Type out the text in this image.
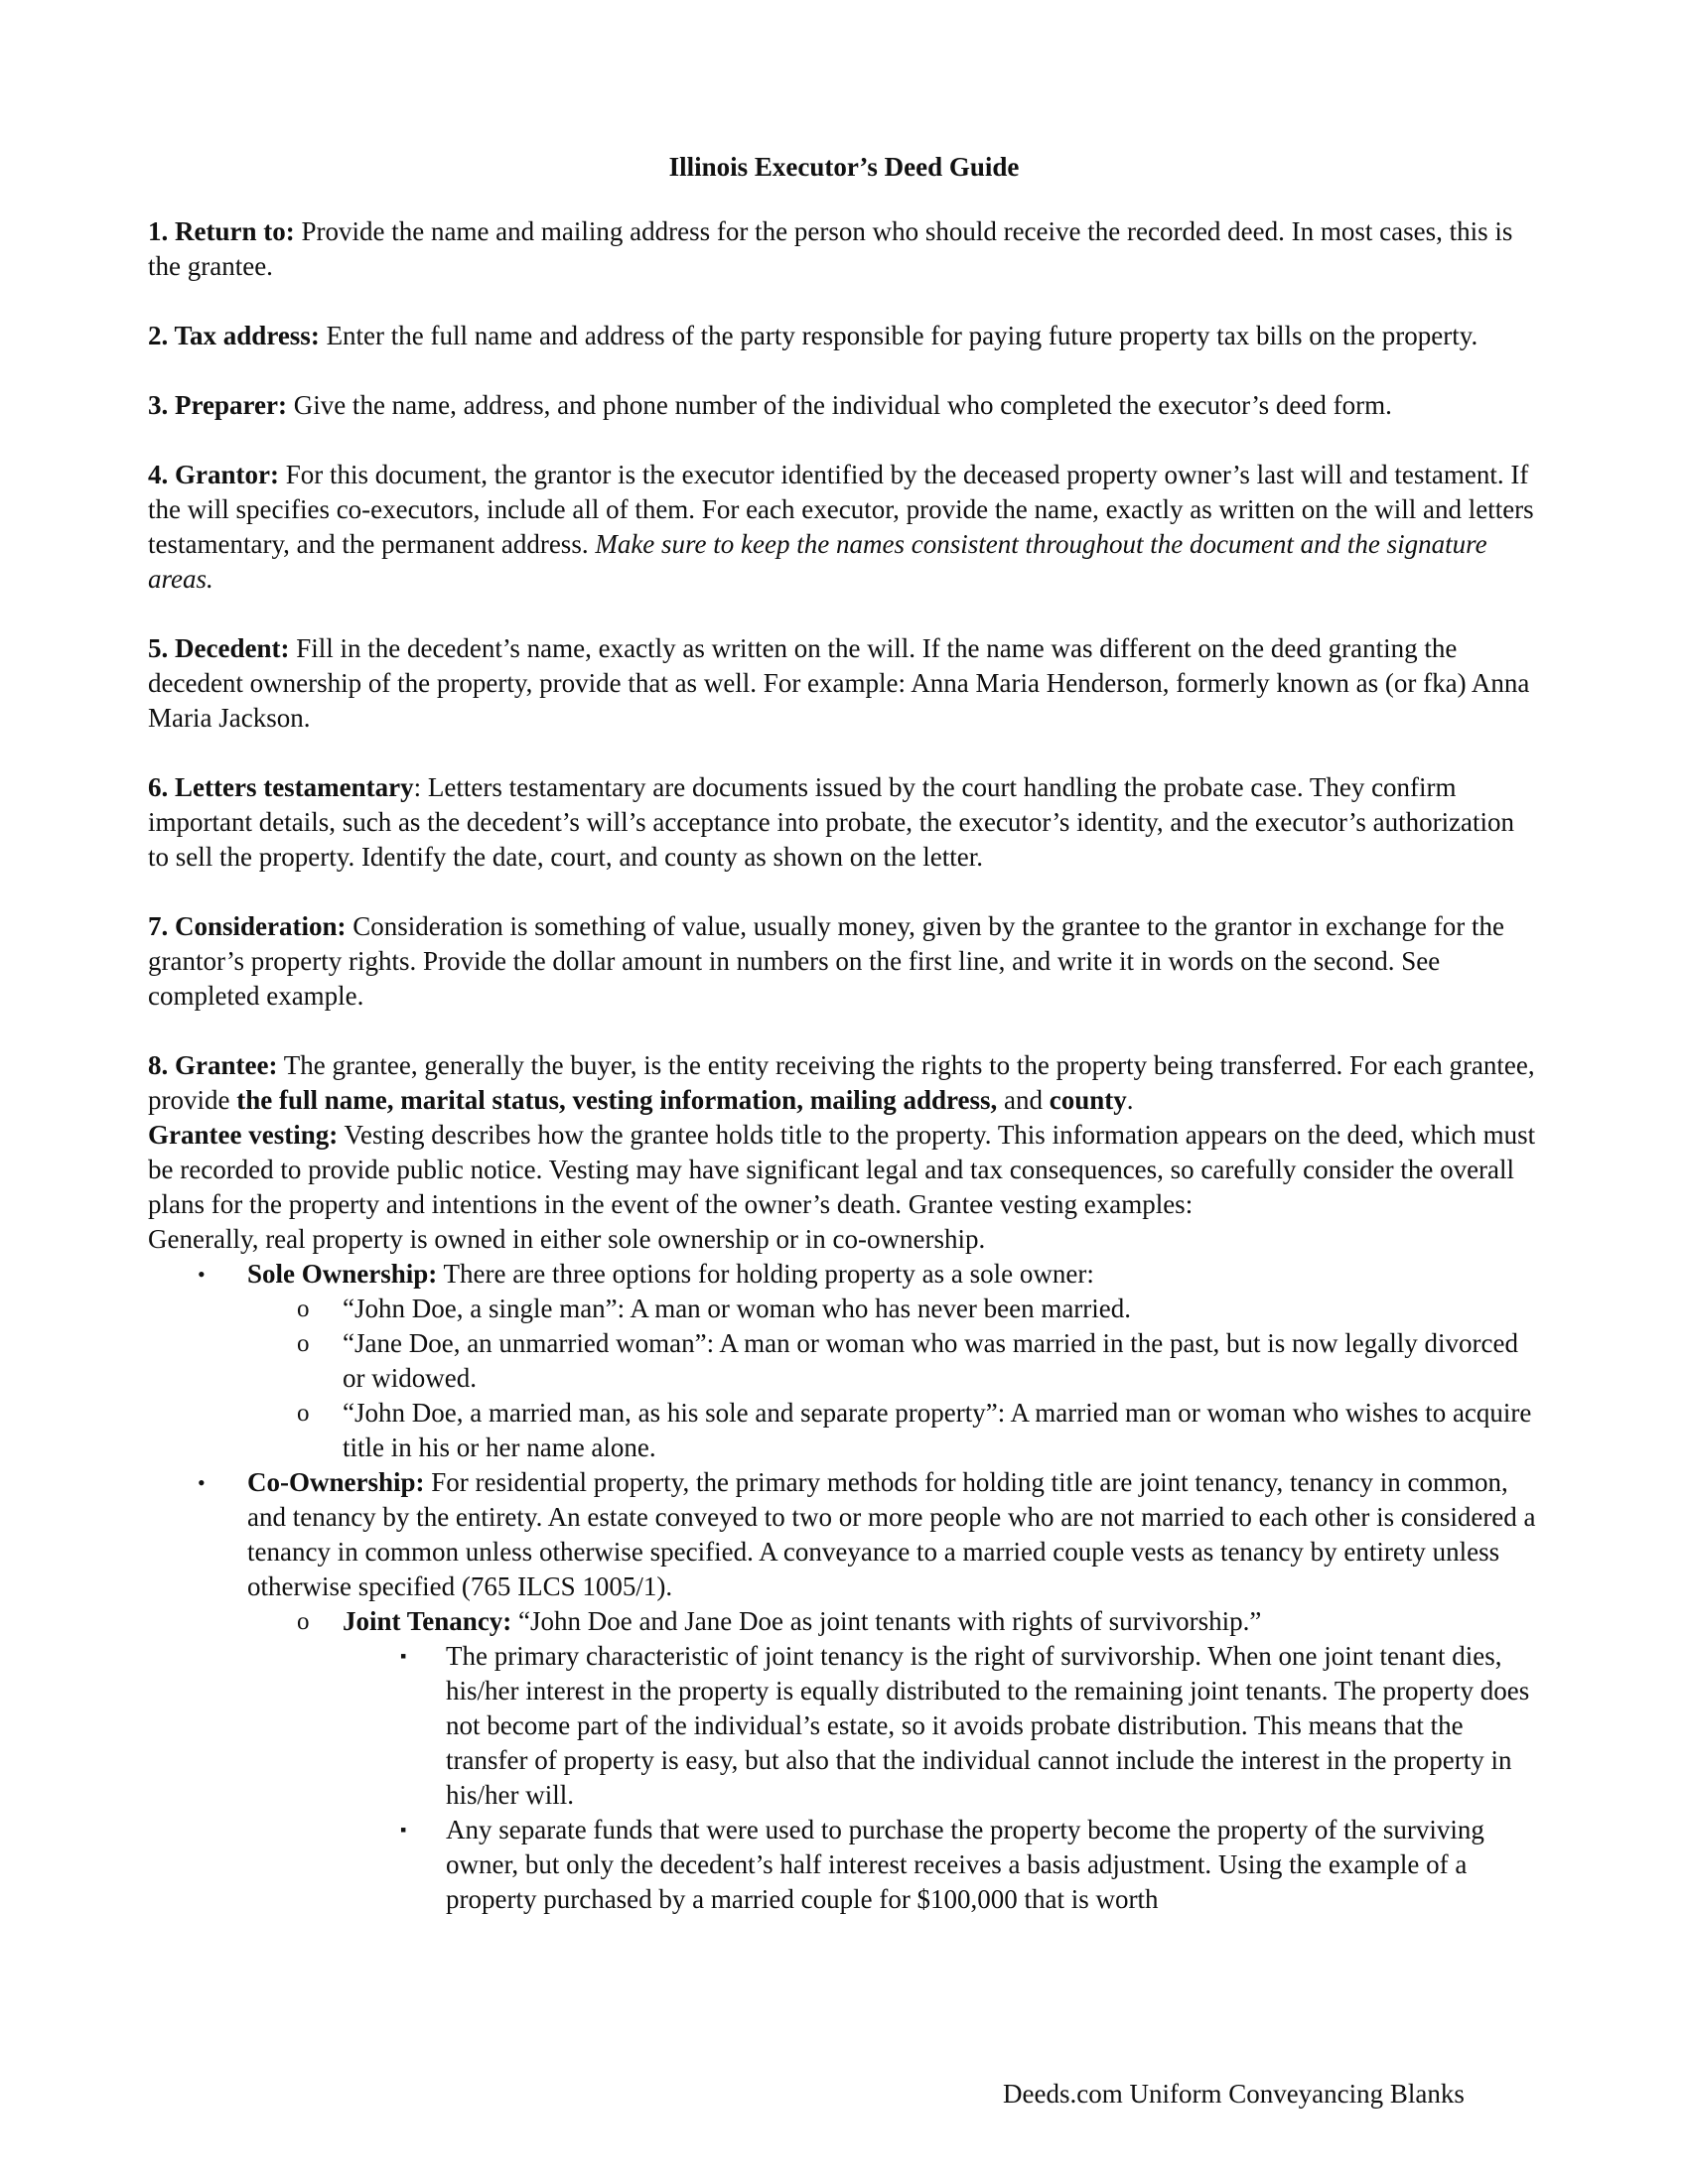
Illinois Executor’s Deed Guide
1. Return to: Provide the name and mailing address for the person who should receive the recorded deed. In most cases, this is the grantee.
2. Tax address: Enter the full name and address of the party responsible for paying future property tax bills on the property.
3. Preparer: Give the name, address, and phone number of the individual who completed the executor’s deed form.
4. Grantor: For this document, the grantor is the executor identified by the deceased property owner’s last will and testament. If the will specifies co-executors, include all of them. For each executor, provide the name, exactly as written on the will and letters testamentary, and the permanent address. Make sure to keep the names consistent throughout the document and the signature areas.
5. Decedent: Fill in the decedent’s name, exactly as written on the will. If the name was different on the deed granting the decedent ownership of the property, provide that as well. For example: Anna Maria Henderson, formerly known as (or fka) Anna Maria Jackson.
6. Letters testamentary: Letters testamentary are documents issued by the court handling the probate case. They confirm important details, such as the decedent’s will’s acceptance into probate, the executor’s identity, and the executor’s authorization to sell the property. Identify the date, court, and county as shown on the letter.
7. Consideration: Consideration is something of value, usually money, given by the grantee to the grantor in exchange for the grantor’s property rights. Provide the dollar amount in numbers on the first line, and write it in words on the second. See completed example.
8. Grantee: The grantee, generally the buyer, is the entity receiving the rights to the property being transferred. For each grantee, provide the full name, marital status, vesting information, mailing address, and county.
Grantee vesting: Vesting describes how the grantee holds title to the property. This information appears on the deed, which must be recorded to provide public notice. Vesting may have significant legal and tax consequences, so carefully consider the overall plans for the property and intentions in the event of the owner’s death. Grantee vesting examples:
Generally, real property is owned in either sole ownership or in co-ownership.
• Sole Ownership: There are three options for holding property as a sole owner:
o “John Doe, a single man”: A man or woman who has never been married.
o “Jane Doe, an unmarried woman”: A man or woman who was married in the past, but is now legally divorced or widowed.
o “John Doe, a married man, as his sole and separate property”: A married man or woman who wishes to acquire title in his or her name alone.
• Co-Ownership: For residential property, the primary methods for holding title are joint tenancy, tenancy in common, and tenancy by the entirety. An estate conveyed to two or more people who are not married to each other is considered a tenancy in common unless otherwise specified. A conveyance to a married couple vests as tenancy by entirety unless otherwise specified (765 ILCS 1005/1).
o Joint Tenancy: “John Doe and Jane Doe as joint tenants with rights of survivorship.”
▪ The primary characteristic of joint tenancy is the right of survivorship. When one joint tenant dies, his/her interest in the property is equally distributed to the remaining joint tenants. The property does not become part of the individual’s estate, so it avoids probate distribution. This means that the transfer of property is easy, but also that the individual cannot include the interest in the property in his/her will.
▪ Any separate funds that were used to purchase the property become the property of the surviving owner, but only the decedent’s half interest receives a basis adjustment. Using the example of a property purchased by a married couple for $100,000 that is worth
Deeds.com Uniform Conveyancing Blanks
